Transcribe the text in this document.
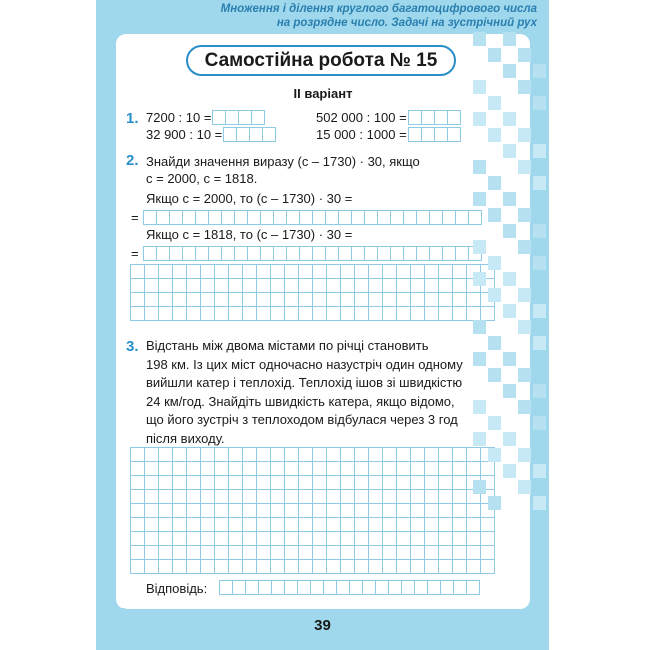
Множення і ділення круглого багатоцифрового числа
на розрядне число. Задачі на зустрічний рух
Самостійна робота № 15
II варіант
1. 7200 : 10 =
32 900 : 10 =
502 000 : 100 =
15 000 : 1000 =
2. Знайди значення виразу (c – 1730) · 30, якщо
c = 2000, c = 1818.
Якщо c = 2000, то (c – 1730) · 30 =
=
Якщо c = 1818, то (c – 1730) · 30 =
=
3. Відстань між двома містами по річці становить
198 км. Із цих міст одночасно назустріч один одному
вийшли катер і теплохід. Теплохід ішов зі швидкістю
24 км/год. Знайдіть швидкість катера, якщо відомо,
що його зустріч з теплоходом відбулася через 3 год
після виходу.
Відповідь:
39
